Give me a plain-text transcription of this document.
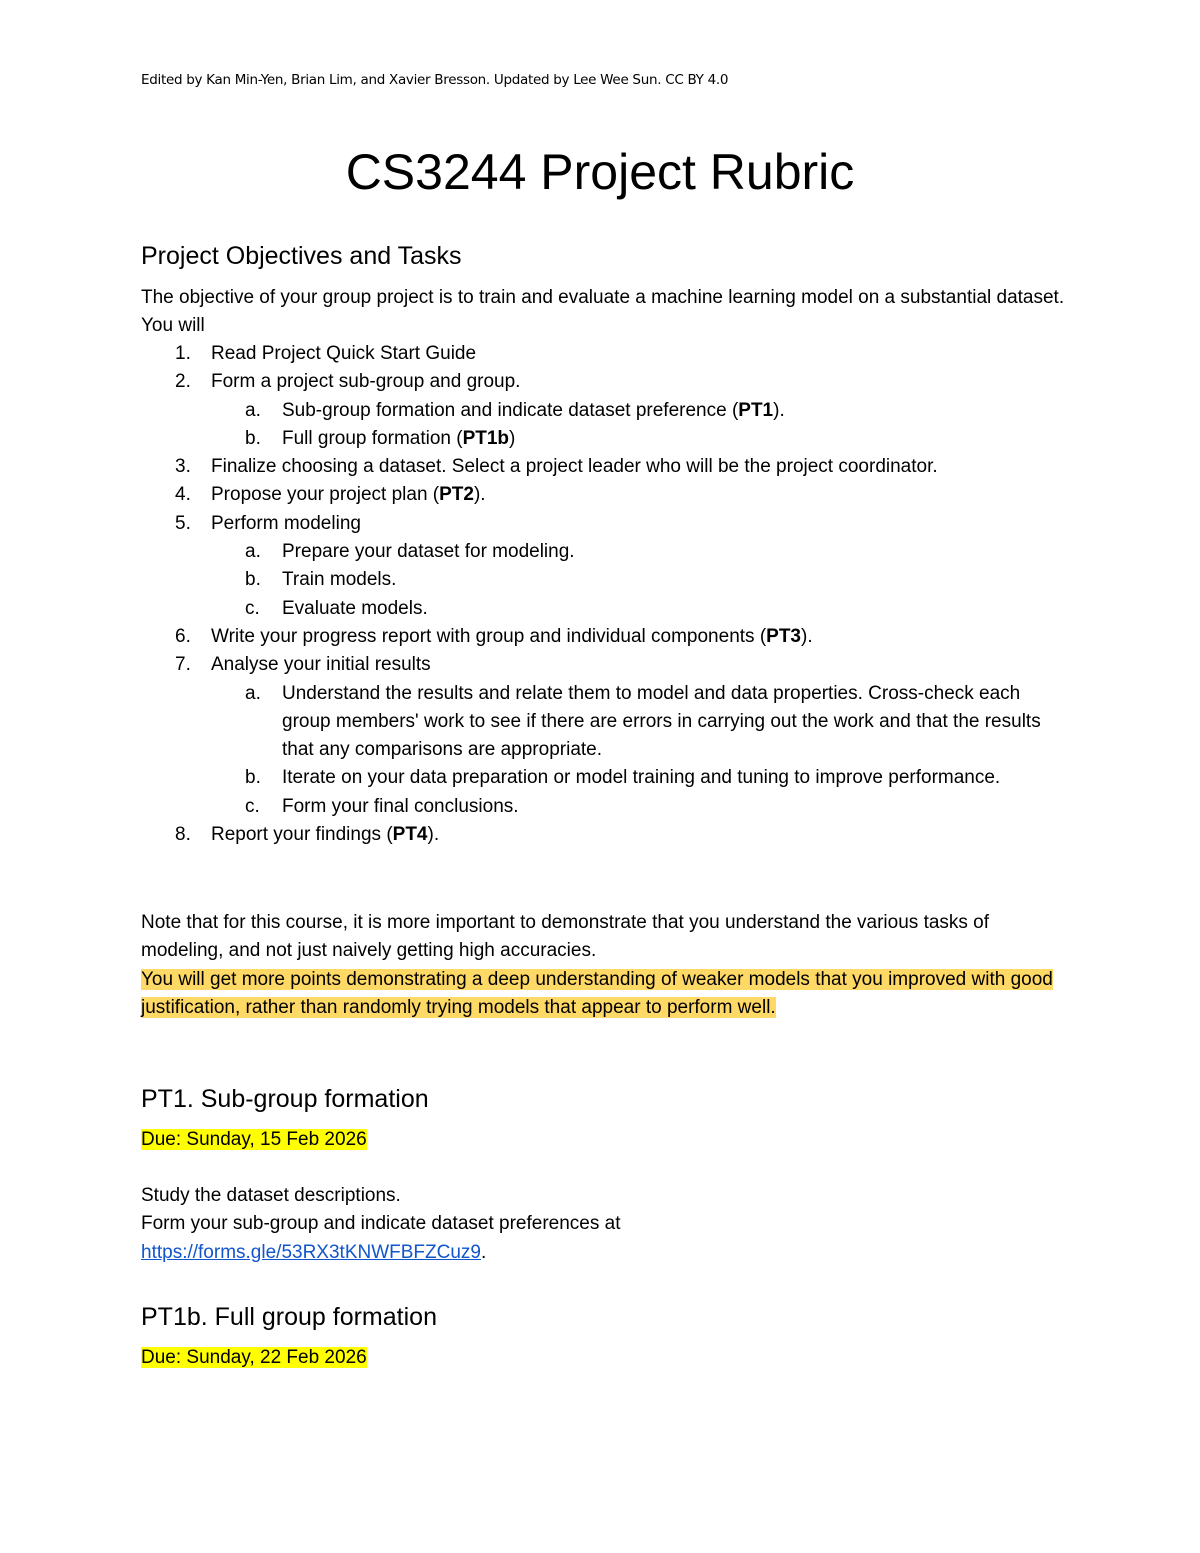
Edited by Kan Min-Yen, Brian Lim, and Xavier Bresson. Updated by Lee Wee Sun. CC BY 4.0
CS3244 Project Rubric
Project Objectives and Tasks
The objective of your group project is to train and evaluate a machine learning model on a substantial dataset. You will
1. Read Project Quick Start Guide
2. Form a project sub-group and group.
a. Sub-group formation and indicate dataset preference (PT1).
b. Full group formation (PT1b)
3. Finalize choosing a dataset. Select a project leader who will be the project coordinator.
4. Propose your project plan (PT2).
5. Perform modeling
a. Prepare your dataset for modeling.
b. Train models.
c. Evaluate models.
6. Write your progress report with group and individual components (PT3).
7. Analyse your initial results
a. Understand the results and relate them to model and data properties. Cross-check each group members' work to see if there are errors in carrying out the work and that the results that any comparisons are appropriate.
b. Iterate on your data preparation or model training and tuning to improve performance.
c. Form your final conclusions.
8. Report your findings (PT4).

Note that for this course, it is more important to demonstrate that you understand the various tasks of modeling, and not just naively getting high accuracies.

You will get more points demonstrating a deep understanding of weaker models that you improved with good justification, rather than randomly trying models that appear to perform well.

PT1. Sub-group formation
Due: Sunday, 15 Feb 2026

Study the dataset descriptions.

Form your sub-group and indicate dataset preferences at

https://forms.gle/53RX3tKNWFBFZCuz9.

PT1b. Full group formation
Due: Sunday, 22 Feb 2026
